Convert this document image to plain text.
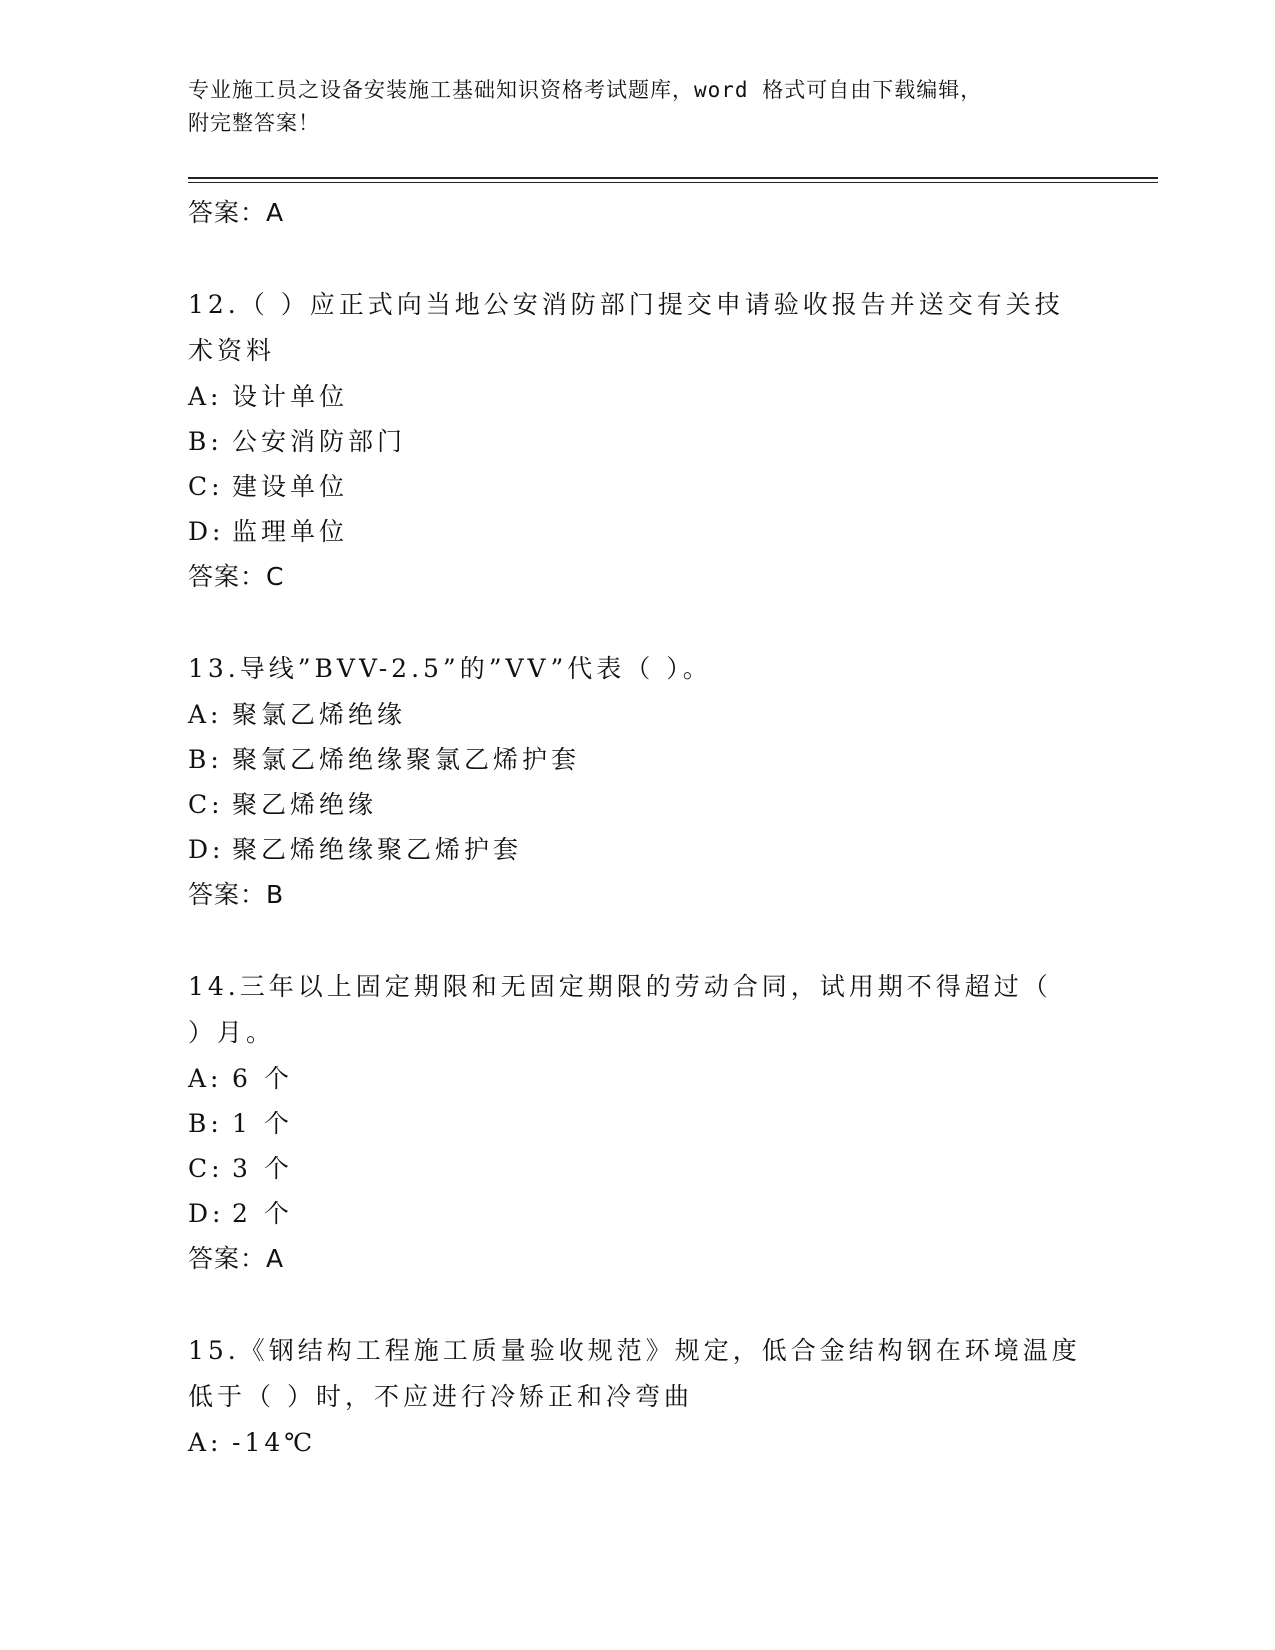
专业施工员之设备安装施工基础知识资格考试题库，word 格式可自由下载编辑，
附完整答案！
答案：A
12.（ ）应正式向当地公安消防部门提交申请验收报告并送交有关技
术资料
A: 设计单位
B: 公安消防部门
C: 建设单位
D: 监理单位
答案：C
13.导线”BVV-2.5”的”VV”代表（ ）。
A: 聚氯乙烯绝缘
B: 聚氯乙烯绝缘聚氯乙烯护套
C: 聚乙烯绝缘
D: 聚乙烯绝缘聚乙烯护套
答案：B
14.三年以上固定期限和无固定期限的劳动合同，试用期不得超过（
）月。
A: 6 个
B: 1 个
C: 3 个
D: 2 个
答案：A
15.《钢结构工程施工质量验收规范》规定，低合金结构钢在环境温度
低于（ ）时，不应进行冷矫正和冷弯曲
A: -14℃
